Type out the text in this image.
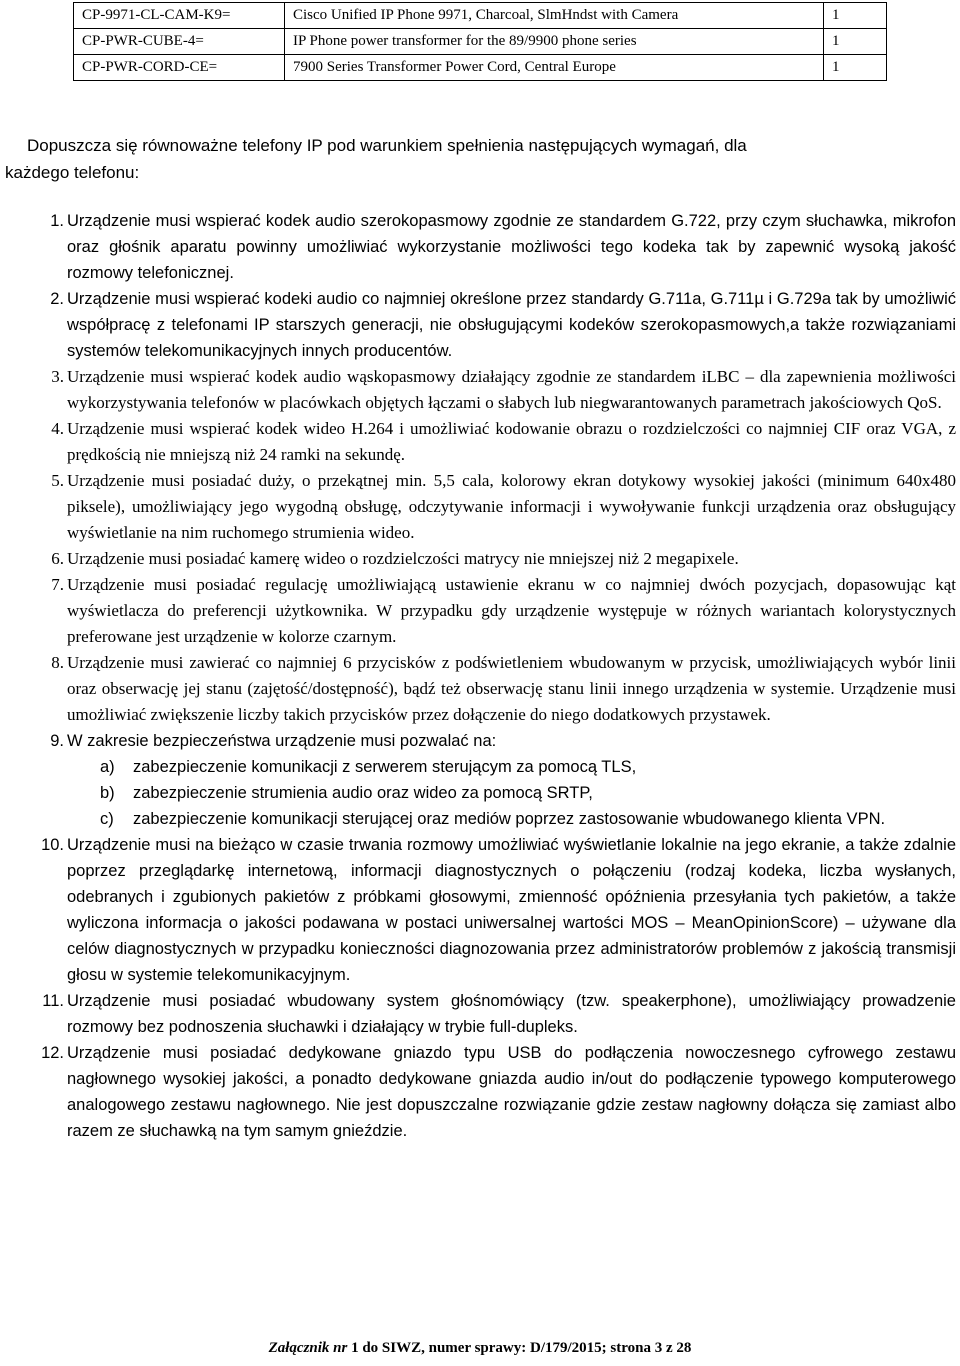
CP-9971-CL-CAM-K9=	Cisco Unified IP Phone 9971, Charcoal, SlmHndst with Camera	1
CP-PWR-CUBE-4=	IP Phone power transformer for the 89/9900 phone series	1
CP-PWR-CORD-CE=	7900 Series Transformer Power Cord, Central Europe	1
Dopuszcza się równoważne telefony IP pod warunkiem spełnienia następujących wymagań, dla
każdego telefonu:
1. Urządzenie musi wspierać kodek audio szerokopasmowy zgodnie ze standardem G.722, przy czym słuchawka, mikrofon oraz głośnik aparatu powinny umożliwiać wykorzystanie możliwości tego kodeka tak by zapewnić wysoką jakość rozmowy telefonicznej.
2. Urządzenie musi wspierać kodeki audio co najmniej określone przez standardy G.711a, G.711µ i G.729a tak by umożliwić współpracę z telefonami IP starszych generacji, nie obsługującymi kodeków szerokopasmowych,a także rozwiązaniami systemów telekomunikacyjnych innych producentów.
3. Urządzenie musi wspierać kodek audio wąskopasmowy działający zgodnie ze standardem iLBC – dla zapewnienia możliwości wykorzystywania telefonów w placówkach objętych łączami o słabych lub niegwarantowanych parametrach jakościowych QoS.
4. Urządzenie musi wspierać kodek wideo H.264 i umożliwiać kodowanie obrazu o rozdzielczości co najmniej CIF oraz VGA, z prędkością nie mniejszą niż 24 ramki na sekundę.
5. Urządzenie musi posiadać duży, o przekątnej min. 5,5 cala, kolorowy ekran dotykowy wysokiej jakości (minimum 640x480 piksele), umożliwiający jego wygodną obsługę, odczytywanie informacji i wywoływanie funkcji urządzenia oraz obsługujący wyświetlanie na nim ruchomego strumienia wideo.
6. Urządzenie musi posiadać kamerę wideo o rozdzielczości matrycy nie mniejszej niż 2 megapixele.
7. Urządzenie musi posiadać regulację umożliwiającą ustawienie ekranu w co najmniej dwóch pozycjach, dopasowując kąt wyświetlacza do preferencji użytkownika. W przypadku gdy urządzenie występuje w różnych wariantach kolorystycznych preferowane jest urządzenie w kolorze czarnym.
8. Urządzenie musi zawierać co najmniej 6 przycisków z podświetleniem wbudowanym w przycisk, umożliwiających wybór linii oraz obserwację jej stanu (zajętość/dostępność), bądź też obserwację stanu linii innego urządzenia w systemie. Urządzenie musi umożliwiać zwiększenie liczby takich przycisków przez dołączenie do niego dodatkowych przystawek.
9. W zakresie bezpieczeństwa urządzenie musi pozwalać na:
a) zabezpieczenie komunikacji z serwerem sterującym za pomocą TLS,
b) zabezpieczenie strumienia audio oraz wideo za pomocą SRTP,
c) zabezpieczenie komunikacji sterującej oraz mediów poprzez zastosowanie wbudowanego klienta VPN.
10. Urządzenie musi na bieżąco w czasie trwania rozmowy umożliwiać wyświetlanie lokalnie na jego ekranie, a także zdalnie poprzez przeglądarkę internetową, informacji diagnostycznych o połączeniu (rodzaj kodeka, liczba wysłanych, odebranych i zgubionych pakietów z próbkami głosowymi, zmienność opóźnienia przesyłania tych pakietów, a także wyliczona informacja o jakości podawana w postaci uniwersalnej wartości MOS – MeanOpinionScore) – używane dla celów diagnostycznych w przypadku konieczności diagnozowania przez administratorów problemów z jakością transmisji głosu w systemie telekomunikacyjnym.
11. Urządzenie musi posiadać wbudowany system głośnomówiący (tzw. speakerphone), umożliwiający prowadzenie rozmowy bez podnoszenia słuchawki i działający w trybie full-dupleks.
12. Urządzenie musi posiadać dedykowane gniazdo typu USB do podłączenia nowoczesnego cyfrowego zestawu nagłownego wysokiej jakości, a ponadto dedykowane gniazda audio in/out do podłączenie typowego komputerowego analogowego zestawu nagłownego. Nie jest dopuszczalne rozwiązanie gdzie zestaw nagłowny dołącza się zamiast albo razem ze słuchawką na tym samym gnieździe.
Załącznik nr 1 do SIWZ, numer sprawy: D/179/2015; strona 3 z 28
